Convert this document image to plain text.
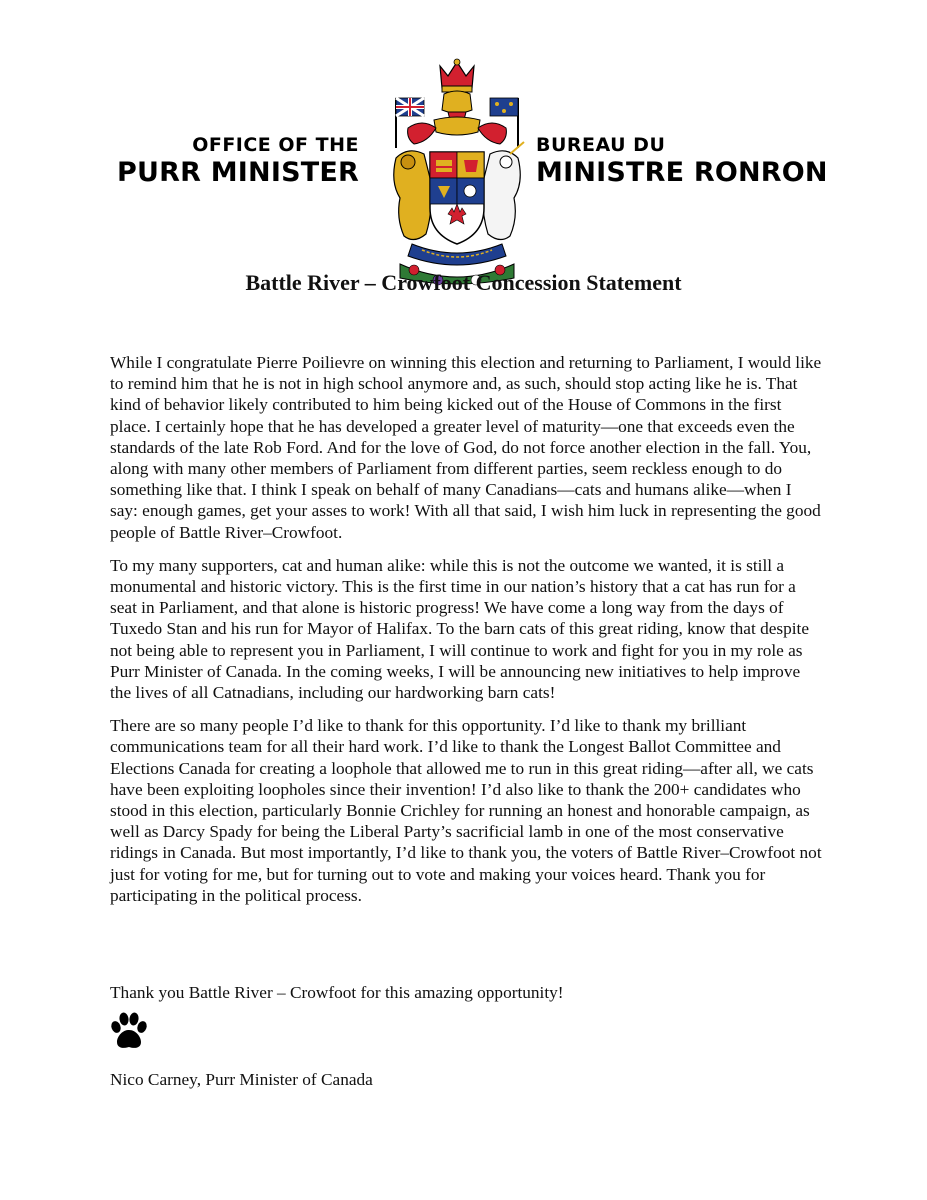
OFFICE OF THE
PURR MINISTER
BUREAU DU
MINISTRE RONRON
Battle River – Crowfoot Concession Statement

While I congratulate Pierre Poilievre on winning this election and returning to Parliament, I would like to remind him that he is not in high school anymore and, as such, should stop acting like he is. That kind of behavior likely contributed to him being kicked out of the House of Commons in the first place. I certainly hope that he has developed a greater level of maturity—one that exceeds even the standards of the late Rob Ford. And for the love of God, do not force another election in the fall. You, along with many other members of Parliament from different parties, seem reckless enough to do something like that. I think I speak on behalf of many Canadians—cats and humans alike—when I say: enough games, get your asses to work! With all that said, I wish him luck in representing the good people of Battle River–Crowfoot.

To my many supporters, cat and human alike: while this is not the outcome we wanted, it is still a monumental and historic victory. This is the first time in our nation’s history that a cat has run for a seat in Parliament, and that alone is historic progress! We have come a long way from the days of Tuxedo Stan and his run for Mayor of Halifax. To the barn cats of this great riding, know that despite not being able to represent you in Parliament, I will continue to work and fight for you in my role as Purr Minister of Canada. In the coming weeks, I will be announcing new initiatives to help improve the lives of all Catnadians, including our hardworking barn cats!

There are so many people I’d like to thank for this opportunity. I’d like to thank my brilliant communications team for all their hard work. I’d like to thank the Longest Ballot Committee and Elections Canada for creating a loophole that allowed me to run in this great riding—after all, we cats have been exploiting loopholes since their invention! I’d also like to thank the 200+ candidates who stood in this election, particularly Bonnie Crichley for running an honest and honorable campaign, as well as Darcy Spady for being the Liberal Party’s sacrificial lamb in one of the most conservative ridings in Canada. But most importantly, I’d like to thank you, the voters of Battle River–Crowfoot not just for voting for me, but for turning out to vote and making your voices heard. Thank you for participating in the political process.

Thank you Battle River – Crowfoot for this amazing opportunity!
Nico Carney, Purr Minister of Canada
